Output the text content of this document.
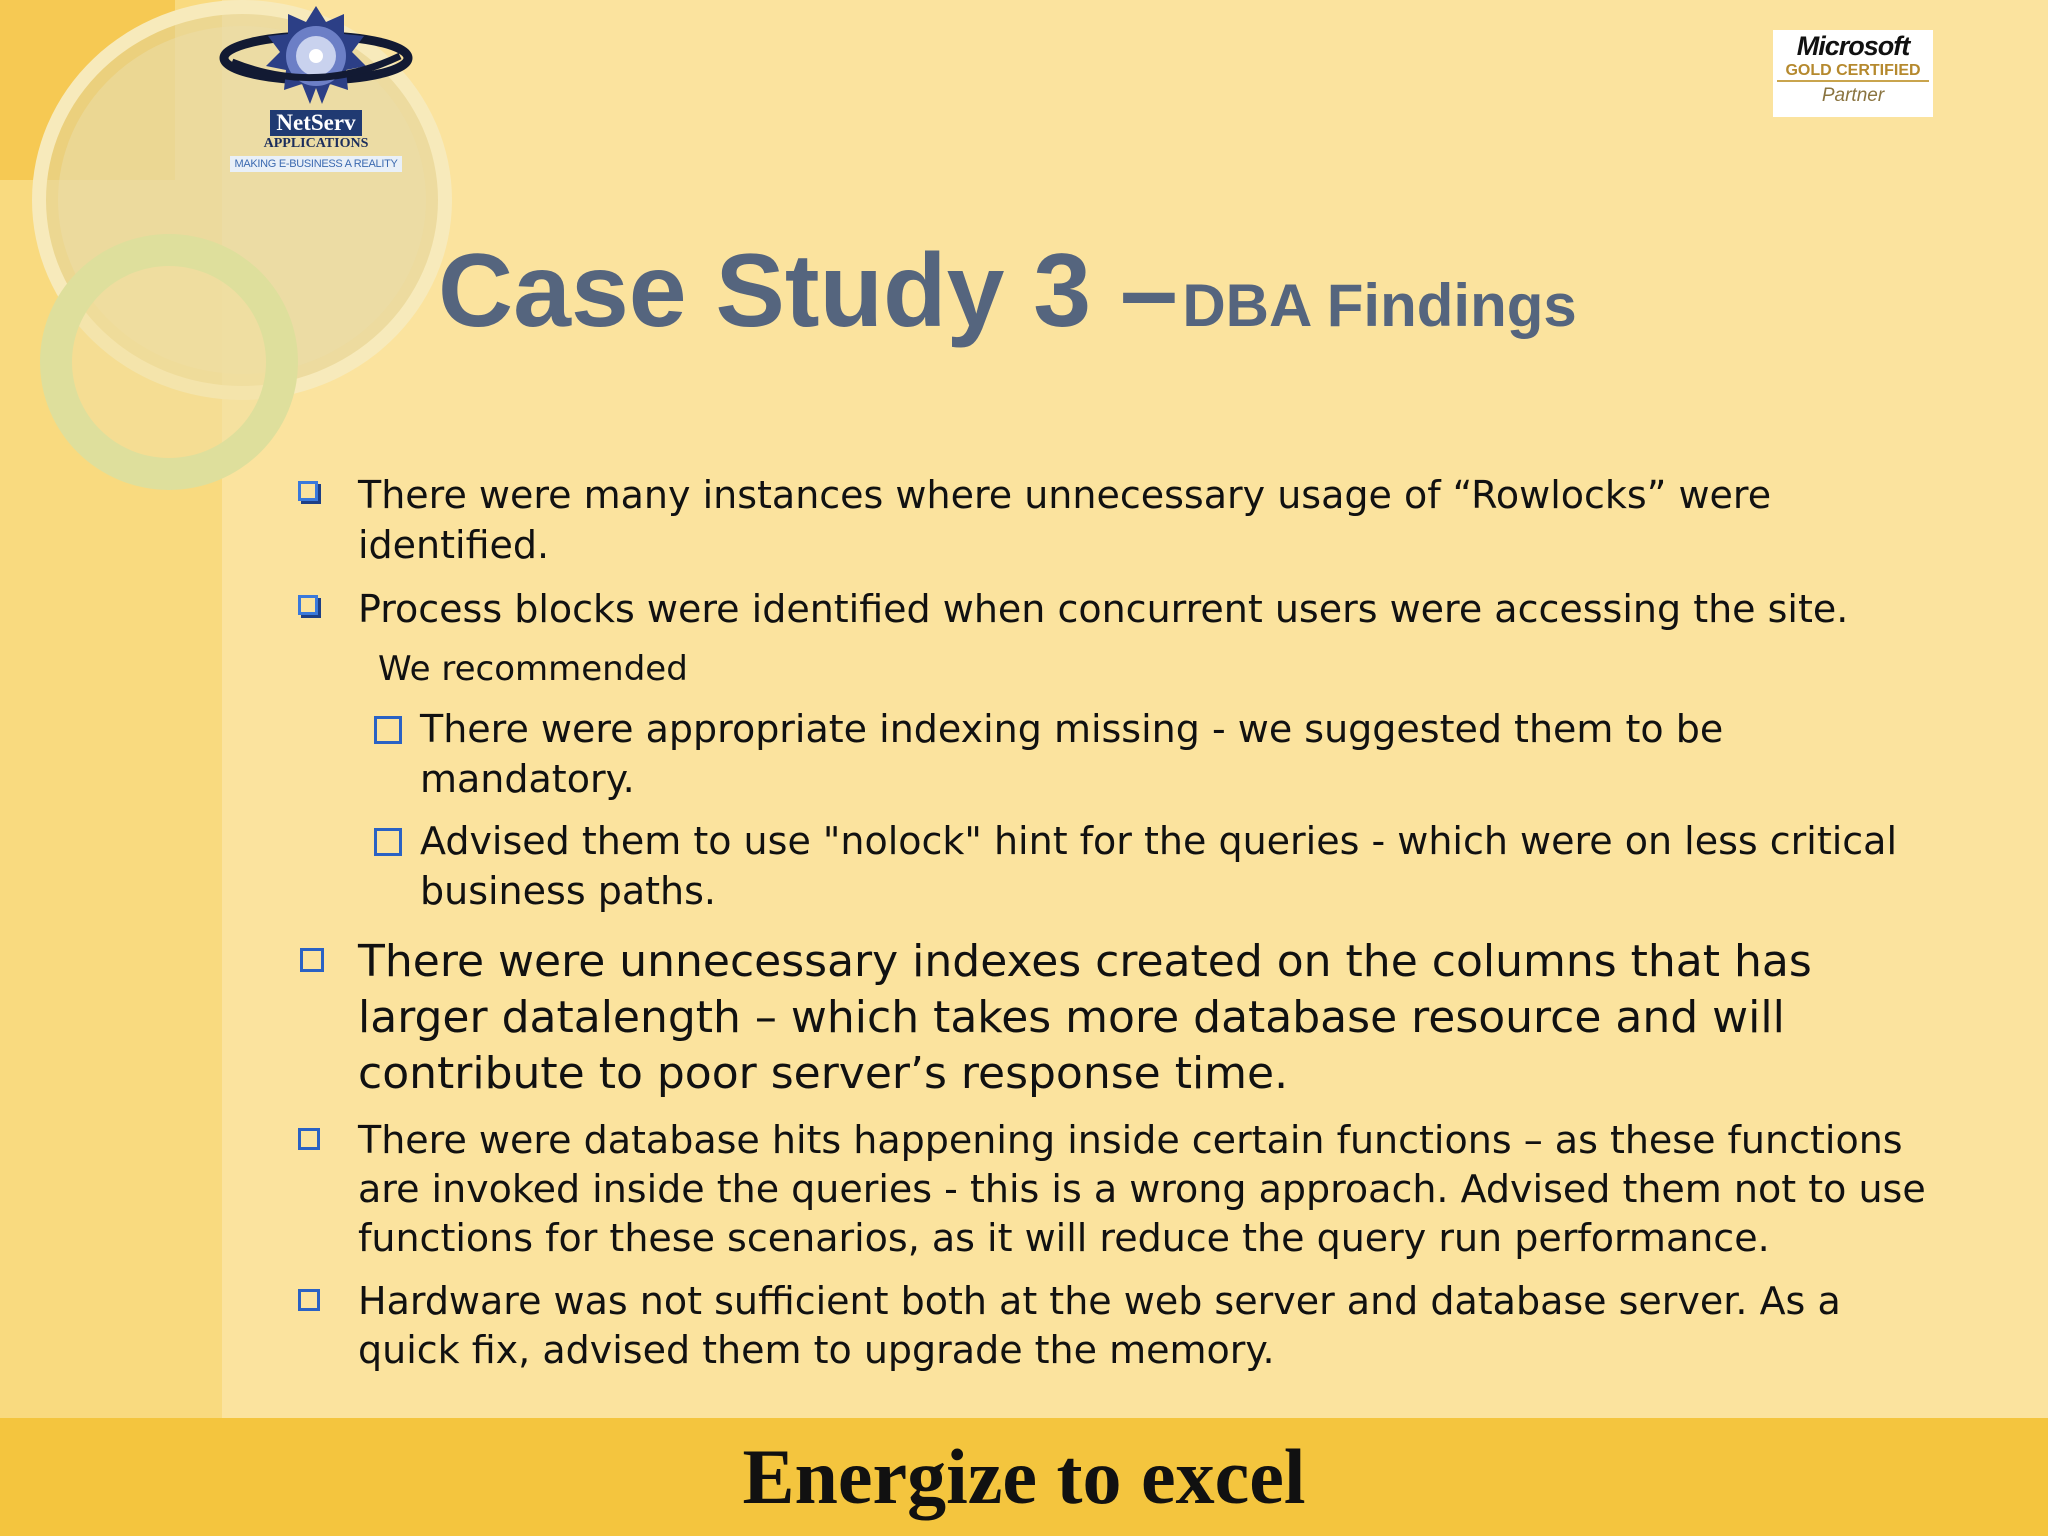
NetServ
APPLICATIONS
MAKING E-BUSINESS A REALITY
Microsoft
GOLD CERTIFIED
Partner
Case Study 3 – DBA Findings
There were many instances where unnecessary usage of “Rowlocks” were identified.
Process blocks were identified when concurrent users were accessing the site.
We recommended
There were appropriate indexing missing - we suggested them to be mandatory.
Advised them to use "nolock" hint for the queries - which were on less critical business paths.
There were unnecessary indexes created on the columns that has larger datalength – which takes more database resource and will contribute to poor server’s response time.
There were database hits happening inside certain functions – as these functions are invoked inside the queries - this is a wrong approach. Advised them not to use functions for these scenarios, as it will reduce the query run performance.
Hardware was not sufficient both at the web server and database server. As a quick fix, advised them to upgrade the memory.
Energize to excel
